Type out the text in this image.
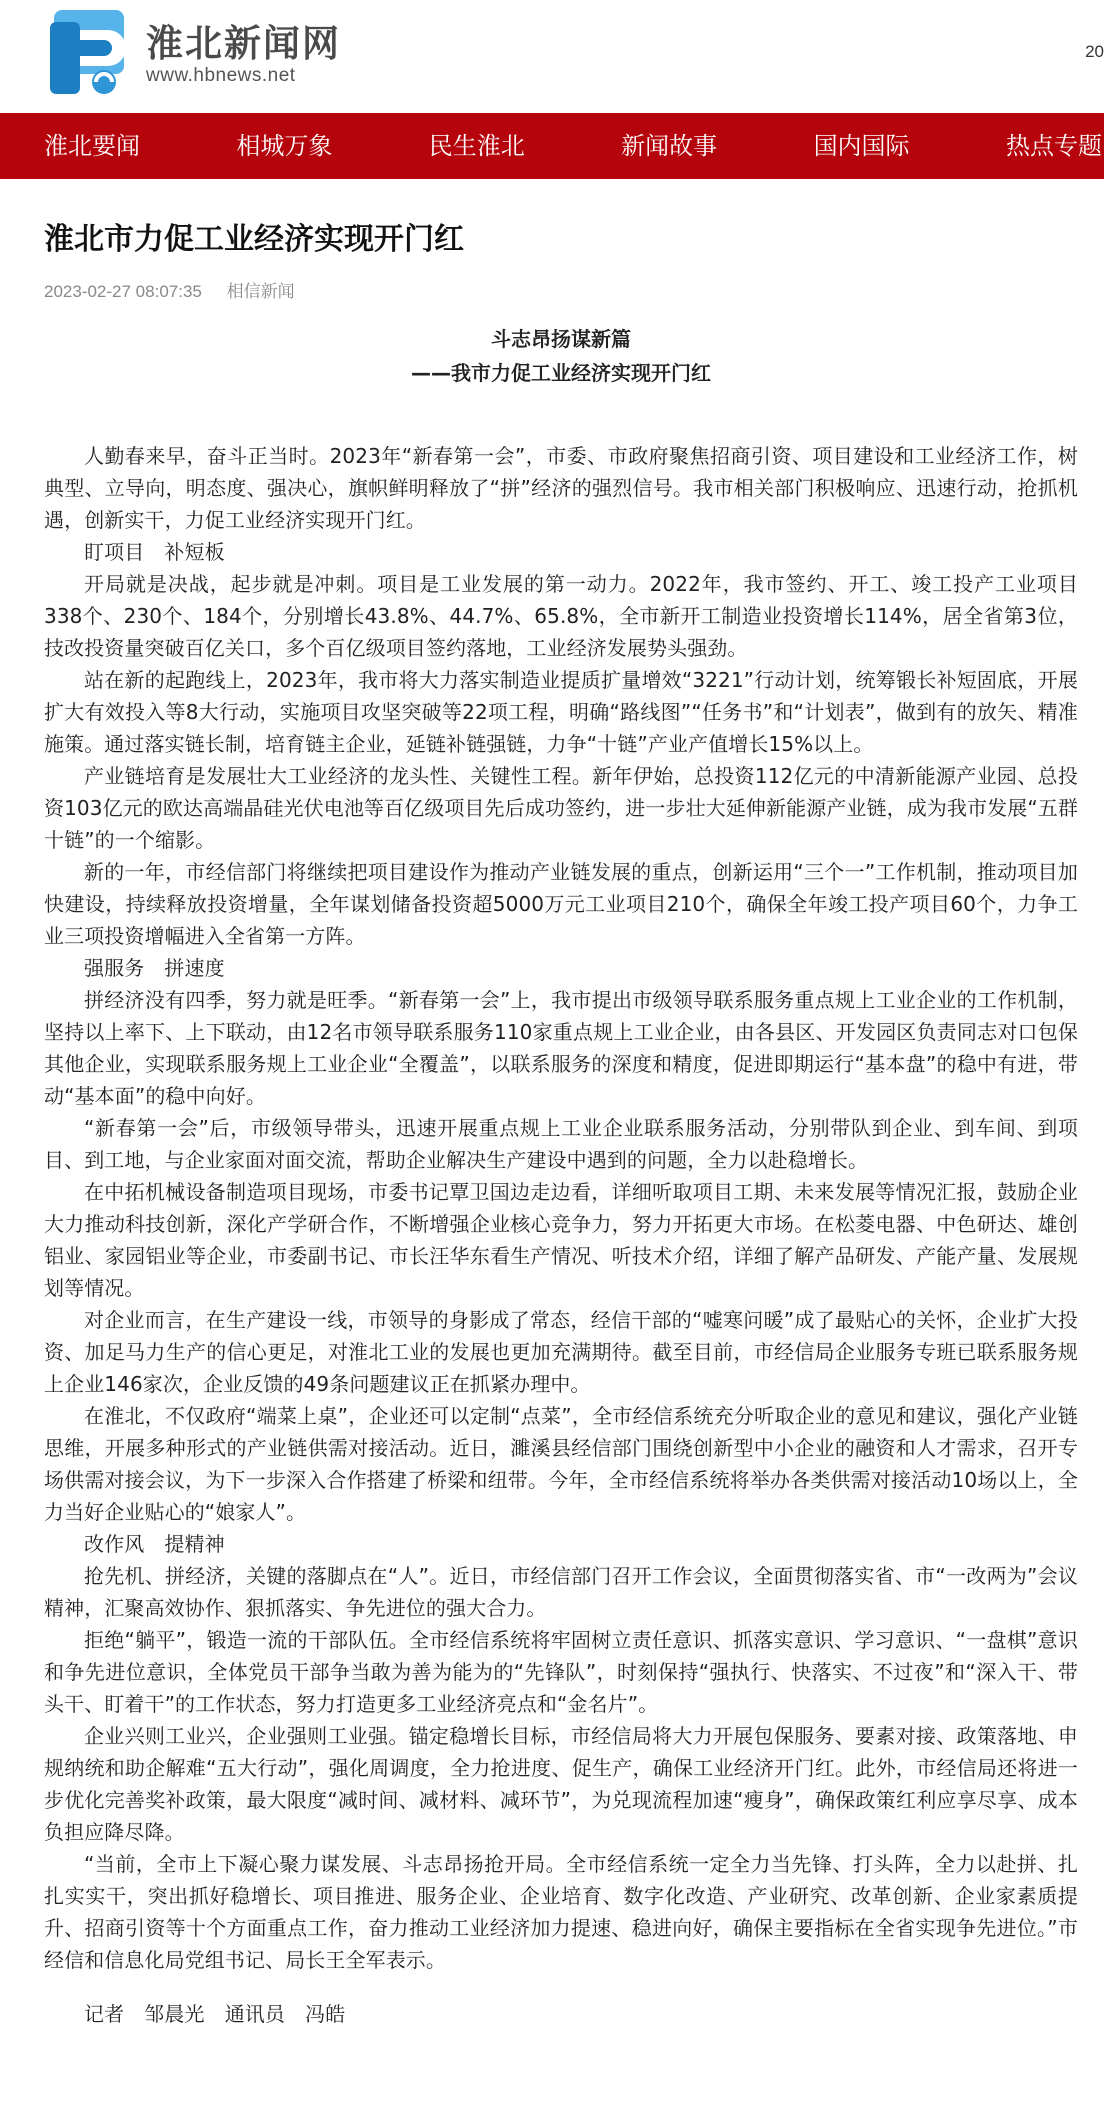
淮北新闻网
www.hbnews.net
20
淮北要闻	相城万象	民生淮北	新闻故事	国内国际	热点专题
淮北市力促工业经济实现开门红
2023-02-27 08:07:35 相信新闻
斗志昂扬谋新篇
——我市力促工业经济实现开门红

人勤春来早，奋斗正当时。2023年“新春第一会”，市委、市政府聚焦招商引资、项目建设和工业经济工作，树典型、立导向，明态度、强决心，旗帜鲜明释放了“拼”经济的强烈信号。我市相关部门积极响应、迅速行动，抢抓机遇，创新实干，力促工业经济实现开门红。

盯项目　补短板

开局就是决战，起步就是冲刺。项目是工业发展的第一动力。2022年，我市签约、开工、竣工投产工业项目338个、230个、184个，分别增长43.8%、44.7%、65.8%，全市新开工制造业投资增长114%，居全省第3位，技改投资量突破百亿关口，多个百亿级项目签约落地，工业经济发展势头强劲。

站在新的起跑线上，2023年，我市将大力落实制造业提质扩量增效“3221”行动计划，统筹锻长补短固底，开展扩大有效投入等8大行动，实施项目攻坚突破等22项工程，明确“路线图”“任务书”和“计划表”，做到有的放矢、精准施策。通过落实链长制，培育链主企业，延链补链强链，力争“十链”产业产值增长15%以上。

产业链培育是发展壮大工业经济的龙头性、关键性工程。新年伊始，总投资112亿元的中清新能源产业园、总投资103亿元的欧达高端晶硅光伏电池等百亿级项目先后成功签约，进一步壮大延伸新能源产业链，成为我市发展“五群十链”的一个缩影。

新的一年，市经信部门将继续把项目建设作为推动产业链发展的重点，创新运用“三个一”工作机制，推动项目加快建设，持续释放投资增量，全年谋划储备投资超5000万元工业项目210个，确保全年竣工投产项目60个，力争工业三项投资增幅进入全省第一方阵。

强服务　拼速度

拼经济没有四季，努力就是旺季。“新春第一会”上，我市提出市级领导联系服务重点规上工业企业的工作机制，坚持以上率下、上下联动，由12名市领导联系服务110家重点规上工业企业，由各县区、开发园区负责同志对口包保其他企业，实现联系服务规上工业企业“全覆盖”，以联系服务的深度和精度，促进即期运行“基本盘”的稳中有进，带动“基本面”的稳中向好。

“新春第一会”后，市级领导带头，迅速开展重点规上工业企业联系服务活动，分别带队到企业、到车间、到项目、到工地，与企业家面对面交流，帮助企业解决生产建设中遇到的问题，全力以赴稳增长。

在中拓机械设备制造项目现场，市委书记覃卫国边走边看，详细听取项目工期、未来发展等情况汇报，鼓励企业大力推动科技创新，深化产学研合作，不断增强企业核心竞争力，努力开拓更大市场。在松菱电器、中色研达、雄创铝业、家园铝业等企业，市委副书记、市长汪华东看生产情况、听技术介绍，详细了解产品研发、产能产量、发展规划等情况。

对企业而言，在生产建设一线，市领导的身影成了常态，经信干部的“嘘寒问暖”成了最贴心的关怀，企业扩大投资、加足马力生产的信心更足，对淮北工业的发展也更加充满期待。截至目前，市经信局企业服务专班已联系服务规上企业146家次，企业反馈的49条问题建议正在抓紧办理中。

在淮北，不仅政府“端菜上桌”，企业还可以定制“点菜”，全市经信系统充分听取企业的意见和建议，强化产业链思维，开展多种形式的产业链供需对接活动。近日，濉溪县经信部门围绕创新型中小企业的融资和人才需求，召开专场供需对接会议，为下一步深入合作搭建了桥梁和纽带。今年，全市经信系统将举办各类供需对接活动10场以上，全力当好企业贴心的“娘家人”。

改作风　提精神

抢先机、拼经济，关键的落脚点在“人”。近日，市经信部门召开工作会议，全面贯彻落实省、市“一改两为”会议精神，汇聚高效协作、狠抓落实、争先进位的强大合力。

拒绝“躺平”，锻造一流的干部队伍。全市经信系统将牢固树立责任意识、抓落实意识、学习意识、“一盘棋”意识和争先进位意识，全体党员干部争当敢为善为能为的“先锋队”，时刻保持“强执行、快落实、不过夜”和“深入干、带头干、盯着干”的工作状态，努力打造更多工业经济亮点和“金名片”。

企业兴则工业兴，企业强则工业强。锚定稳增长目标，市经信局将大力开展包保服务、要素对接、政策落地、申规纳统和助企解难“五大行动”，强化周调度，全力抢进度、促生产，确保工业经济开门红。此外，市经信局还将进一步优化完善奖补政策，最大限度“减时间、减材料、减环节”，为兑现流程加速“瘦身”，确保政策红利应享尽享、成本负担应降尽降。

“当前，全市上下凝心聚力谋发展、斗志昂扬抢开局。全市经信系统一定全力当先锋、打头阵，全力以赴拼、扎扎实实干，突出抓好稳增长、项目推进、服务企业、企业培育、数字化改造、产业研究、改革创新、企业家素质提升、招商引资等十个方面重点工作，奋力推动工业经济加力提速、稳进向好，确保主要指标在全省实现争先进位。”市经信和信息化局党组书记、局长王全军表示。

记者　邹晨光　通讯员　冯皓
